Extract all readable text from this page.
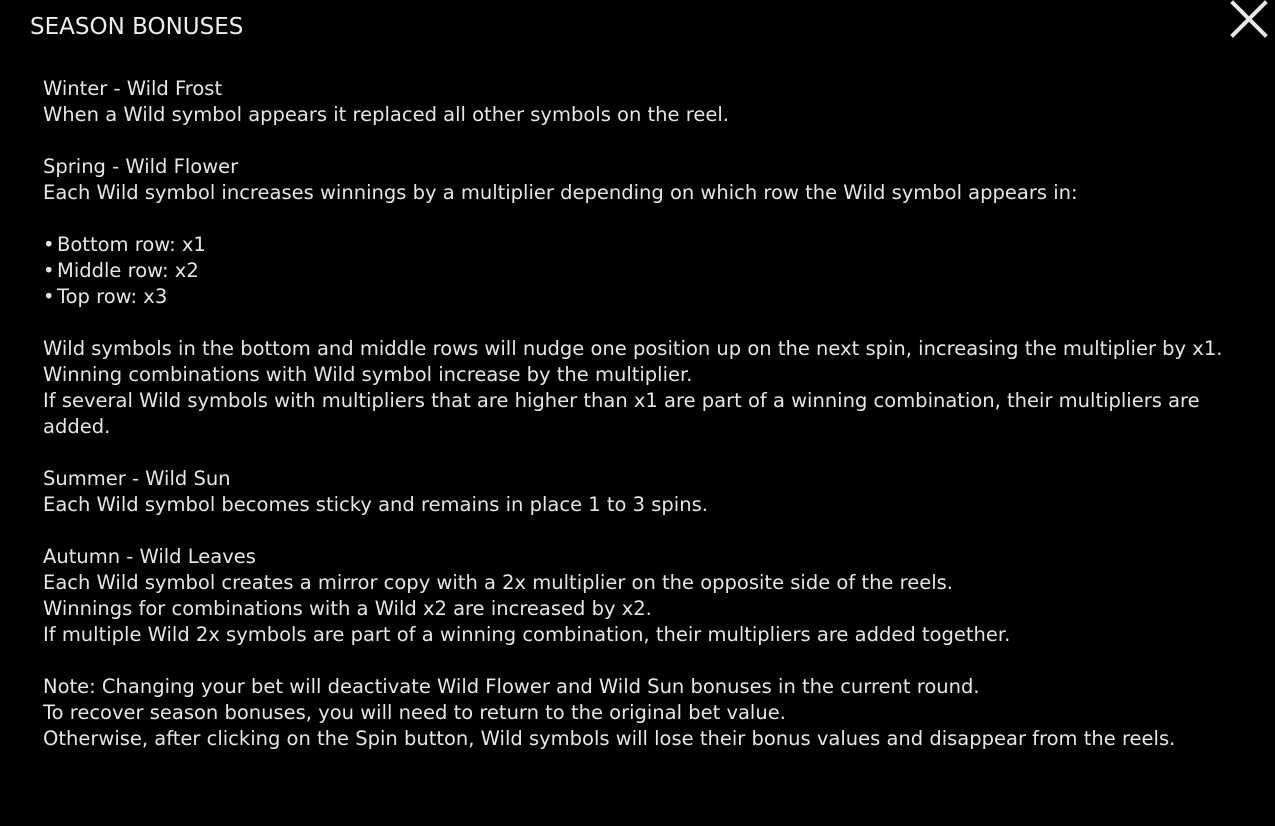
SEASON BONUSES

Winter - Wild Frost

When a Wild symbol appears it replaced all other symbols on the reel.

Spring - Wild Flower

Each Wild symbol increases winnings by a multiplier depending on which row the Wild symbol appears in:

• Bottom row: x1
• Middle row: x2
• Top row: x3

Wild symbols in the bottom and middle rows will nudge one position up on the next spin, increasing the multiplier by x1.

Winning combinations with Wild symbol increase by the multiplier.

If several Wild symbols with multipliers that are higher than x1 are part of a winning combination, their multipliers are added.

Summer - Wild Sun

Each Wild symbol becomes sticky and remains in place 1 to 3 spins.

Autumn - Wild Leaves

Each Wild symbol creates a mirror copy with a 2x multiplier on the opposite side of the reels.

Winnings for combinations with a Wild x2 are increased by x2.

If multiple Wild 2x symbols are part of a winning combination, their multipliers are added together.

Note: Changing your bet will deactivate Wild Flower and Wild Sun bonuses in the current round.

To recover season bonuses, you will need to return to the original bet value.

Otherwise, after clicking on the Spin button, Wild symbols will lose their bonus values and disappear from the reels.
